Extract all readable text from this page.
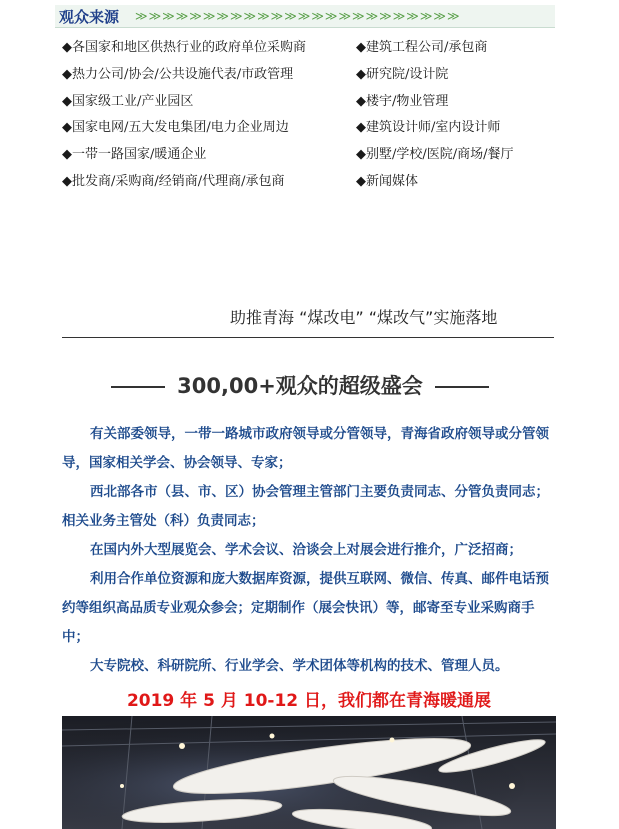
观众来源 ≫≫≫≫≫≫≫≫≫≫≫≫≫≫≫≫≫≫≫≫≫≫≫≫
◆各国家和地区供热行业的政府单位采购商
◆热力公司/协会/公共设施代表/市政管理
◆国家级工业/产业园区
◆国家电网/五大发电集团/电力企业周边
◆一带一路国家/暖通企业
◆批发商/采购商/经销商/代理商/承包商
◆建筑工程公司/承包商
◆研究院/设计院
◆楼宇/物业管理
◆建筑设计师/室内设计师
◆别墅/学校/医院/商场/餐厅
◆新闻媒体
助推青海 “煤改电” “煤改气”实施落地
300,00+观众的超级盛会

有关部委领导，一带一路城市政府领导或分管领导，青海省政府领导或分管领导，国家相关学会、协会领导、专家；

西北部各市（县、市、区）协会管理主管部门主要负责同志、分管负责同志；相关业务主管处（科）负责同志；

在国内外大型展览会、学术会议、洽谈会上对展会进行推介，广泛招商；

利用合作单位资源和庞大数据库资源，提供互联网、微信、传真、邮件电话预约等组织高品质专业观众参会；定期制作（展会快讯）等，邮寄至专业采购商手中；

大专院校、科研院所、行业学会、学术团体等机构的技术、管理人员。

2019 年 5 月 10-12 日，我们都在青海暖通展
